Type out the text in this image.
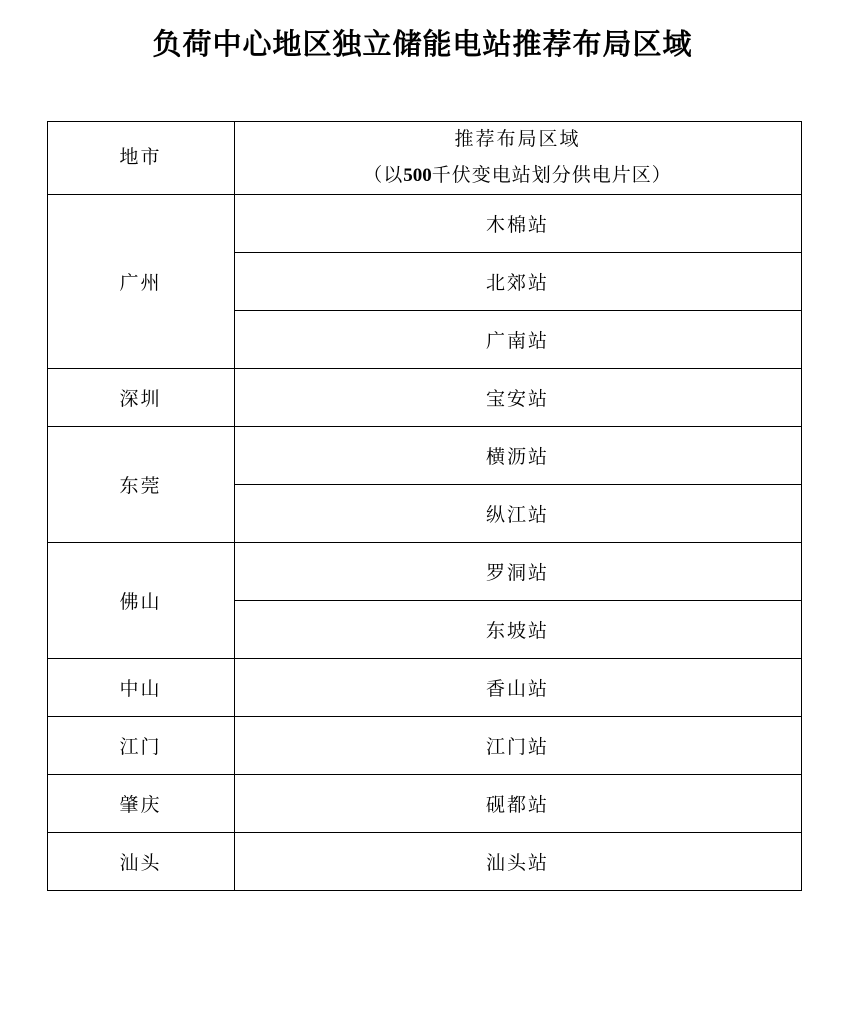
负荷中心地区独立储能电站推荐布局区域
地市	推荐布局区域
（以500千伏变电站划分供电片区）

广州	木棉站
	北郊站
	广南站
深圳	宝安站
东莞	横沥站
	纵江站
佛山	罗洞站
	东坡站
中山	香山站
江门	江门站
肇庆	砚都站
汕头	汕头站
